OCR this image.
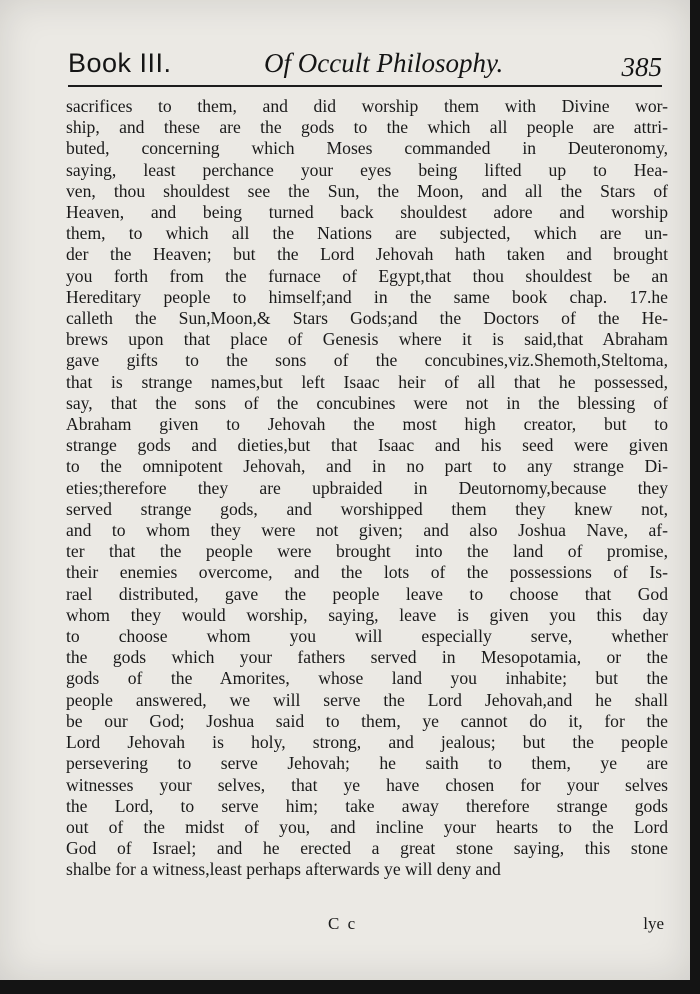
Book III.	Of Occult Philosophy.	385
sacrifices to them, and did worship them with Divine wor-
ship, and these are the gods to the which all people are attri-
buted, concerning which Moses commanded in Deuteronomy,
saying, least perchance your eyes being lifted up to Hea-
ven, thou shouldest see the Sun, the Moon, and all the Stars of
Heaven, and being turned back shouldest adore and worship
them, to which all the Nations are subjected, which are un-
der the Heaven; but the Lord Jehovah hath taken and brought
you forth from the furnace of Egypt,that thou shouldest be an
Hereditary people to himself;and in the same book chap. 17.he
calleth the Sun,Moon,& Stars Gods;and the Doctors of the He-
brews upon that place of Genesis where it is said,that Abraham
gave gifts to the sons of the concubines,viz.Shemoth,Steltoma,
that is strange names,but left Isaac heir of all that he possessed,
say, that the sons of the concubines were not in the blessing of
Abraham given to Jehovah the most high creator, but to
strange gods and dieties,but that Isaac and his seed were given
to the omnipotent Jehovah, and in no part to any strange Di-
eties;therefore they are upbraided in Deutornomy,because they
served strange gods, and worshipped them they knew not,
and to whom they were not given; and also Joshua Nave, af-
ter that the people were brought into the land of promise,
their enemies overcome, and the lots of the possessions of Is-
rael distributed, gave the people leave to choose that God
whom they would worship, saying, leave is given you this day
to choose whom you will especially serve, whether
the gods which your fathers served in Mesopotamia, or the
gods of the Amorites, whose land you inhabite; but the
people answered, we will serve the Lord Jehovah,and he shall
be our God; Joshua said to them, ye cannot do it, for the
Lord Jehovah is holy, strong, and jealous; but the people
persevering to serve Jehovah; he saith to them, ye are
witnesses your selves, that ye have chosen for your selves
the Lord, to serve him; take away therefore strange gods
out of the midst of you, and incline your hearts to the Lord
God of Israel; and he erected a great stone saying, this stone
shalbe for a witness,least perhaps afterwards ye will deny and
C c	lye
